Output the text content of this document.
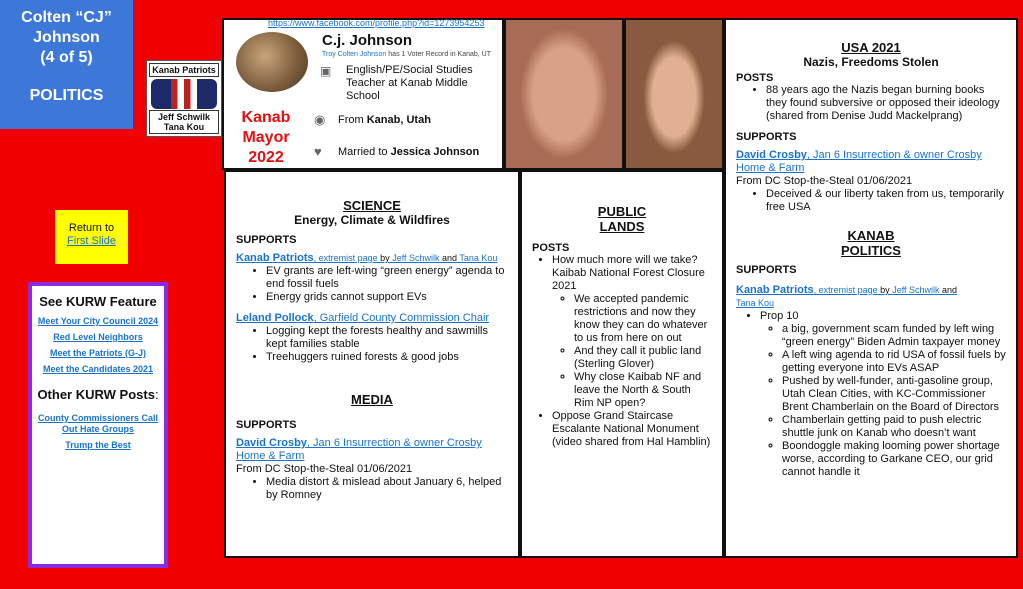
Colten “CJ”
Johnson
(4 of 5)
POLITICS
Kanab Patriots
Jeff Schwilk
Tana Kou
https://www.facebook.com/profile.php?id=1273954253
C.j. Johnson
Troy Colten Johnson has 1 Voter Record in Kanab, UT
▣ English/PE/Social Studies Teacher at Kanab Middle School
◉ From Kanab, Utah
♥ Married to Jessica Johnson
Kanab Mayor 2022
SCIENCE
Energy, Climate & Wildfires
SUPPORTS
Kanab Patriots, extremist page by Jeff Schwilk and Tana Kou
• EV grants are left-wing “green energy” agenda to end fossil fuels
• Energy grids cannot support EVs
Leland Pollock, Garfield County Commission Chair
• Logging kept the forests healthy and sawmills kept families stable
• Treehuggers ruined forests & good jobs
MEDIA
SUPPORTS
David Crosby, Jan 6 Insurrection & owner Crosby Home & Farm
From DC Stop-the-Steal 01/06/2021
• Media distort & mislead about January 6, helped by Romney
PUBLIC
LANDS
POSTS
• How much more will we take? Kaibab National Forest Closure 2021
◦ We accepted pandemic restrictions and now they know they can do whatever to us from here on out
◦ And they call it public land (Sterling Glover)
◦ Why close Kaibab NF and leave the North & South Rim NP open?
• Oppose Grand Staircase Escalante National Monument (video shared from Hal Hamblin)
USA 2021
Nazis, Freedoms Stolen
POSTS
• 88 years ago the Nazis began burning books they found subversive or opposed their ideology (shared from Denise Judd Mackelprang)
SUPPORTS
David Crosby, Jan 6 Insurrection & owner Crosby Home & Farm
From DC Stop-the-Steal 01/06/2021
• Deceived & our liberty taken from us, temporarily free USA
KANAB
POLITICS
SUPPORTS
Kanab Patriots, extremist page by Jeff Schwilk and
Tana Kou
• Prop 10
◦ a big, government scam funded by left wing “green energy” Biden Admin taxpayer money
◦ A left wing agenda to rid USA of fossil fuels by getting everyone into EVs ASAP
◦ Pushed by well-funder, anti-gasoline group, Utah Clean Cities, with KC-Commissioner Brent Chamberlain on the Board of Directors
◦ Chamberlain getting paid to push electric shuttle junk on Kanab who doesn’t want
◦ Boondoggle making looming power shortage worse, according to Garkane CEO, our grid cannot handle it
Return to
First Slide
See KURW Feature
Meet Your City Council 2024
Red Level Neighbors
Meet the Patriots (G-J)
Meet the Candidates 2021
Other KURW Posts:
County Commissioners Call Out Hate Groups
Trump the Best
